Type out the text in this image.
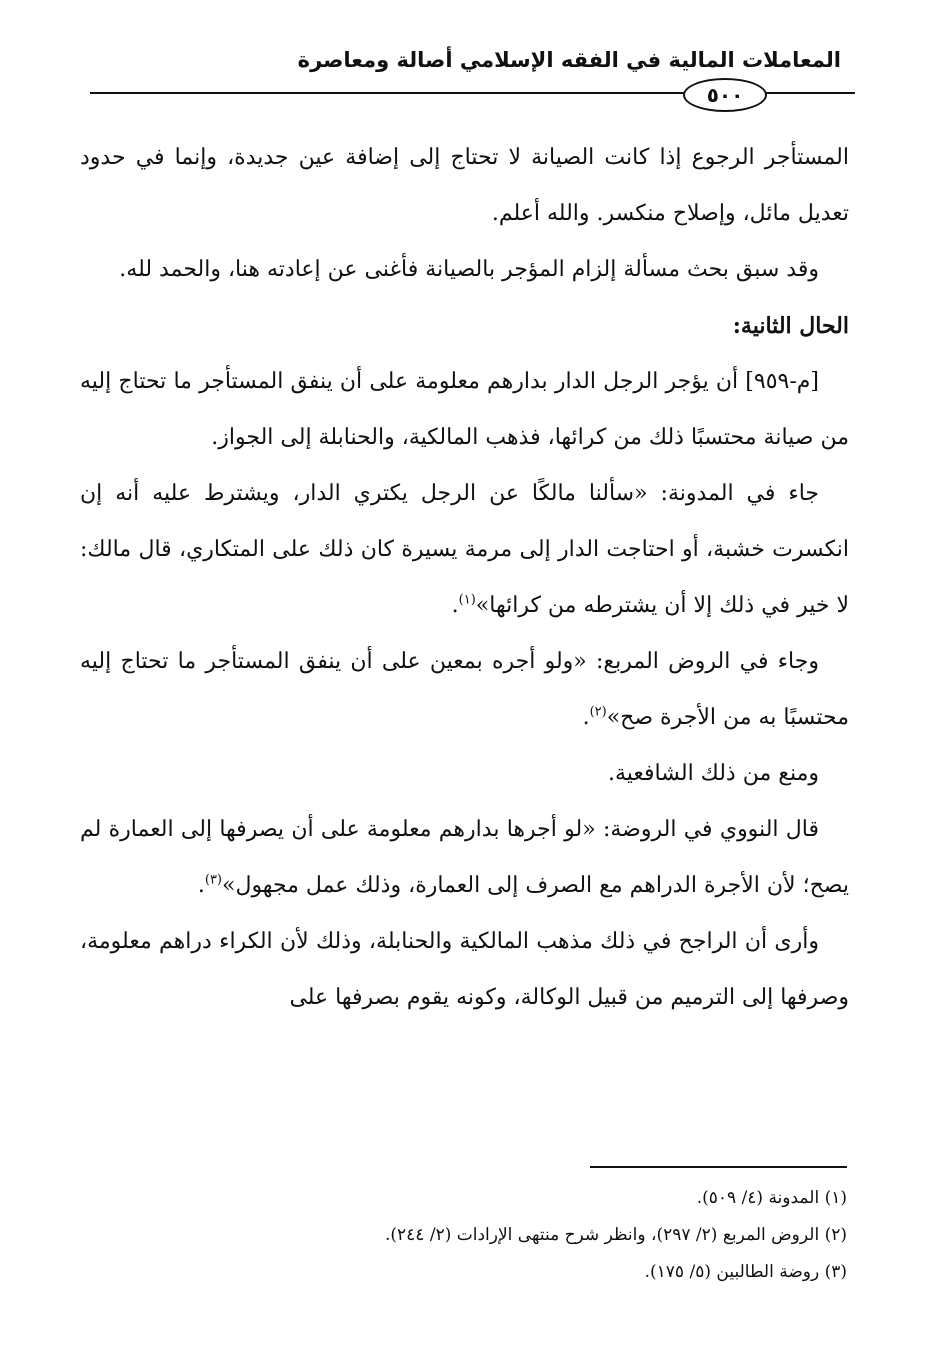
المعاملات المالية في الفقه الإسلامي أصالة ومعاصرة
٥٠٠

المستأجر الرجوع إذا كانت الصيانة لا تحتاج إلى إضافة عين جديدة، وإنما في حدود تعديل مائل، وإصلاح منكسر. والله أعلم.

وقد سبق بحث مسألة إلزام المؤجر بالصيانة فأغنى عن إعادته هنا، والحمد لله.

الحال الثانية:

[م-٩٥٩] أن يؤجر الرجل الدار بدارهم معلومة على أن ينفق المستأجر ما تحتاج إليه من صيانة محتسبًا ذلك من كرائها، فذهب المالكية، والحنابلة إلى الجواز.

جاء في المدونة: «سألنا مالكًا عن الرجل يكتري الدار، ويشترط عليه أنه إن انكسرت خشبة، أو احتاجت الدار إلى مرمة يسيرة كان ذلك على المتكاري، قال مالك: لا خير في ذلك إلا أن يشترطه من كرائها»$^{(١)}$.

وجاء في الروض المربع: «ولو أجره بمعين على أن ينفق المستأجر ما تحتاج إليه محتسبًا به من الأجرة صح»$^{(٢)}$.

ومنع من ذلك الشافعية.

قال النووي في الروضة: «لو أجرها بدارهم معلومة على أن يصرفها إلى العمارة لم يصح؛ لأن الأجرة الدراهم مع الصرف إلى العمارة، وذلك عمل مجهول»$^{(٣)}$.

وأرى أن الراجح في ذلك مذهب المالكية والحنابلة، وذلك لأن الكراء دراهم معلومة، وصرفها إلى الترميم من قبيل الوكالة، وكونه يقوم بصرفها على

(١) المدونة (٤/ ٥٠٩).

(٢) الروض المربع (٢/ ٢٩٧)، وانظر شرح منتهى الإرادات (٢/ ٢٤٤).

(٣) روضة الطالبين (٥/ ١٧٥).
